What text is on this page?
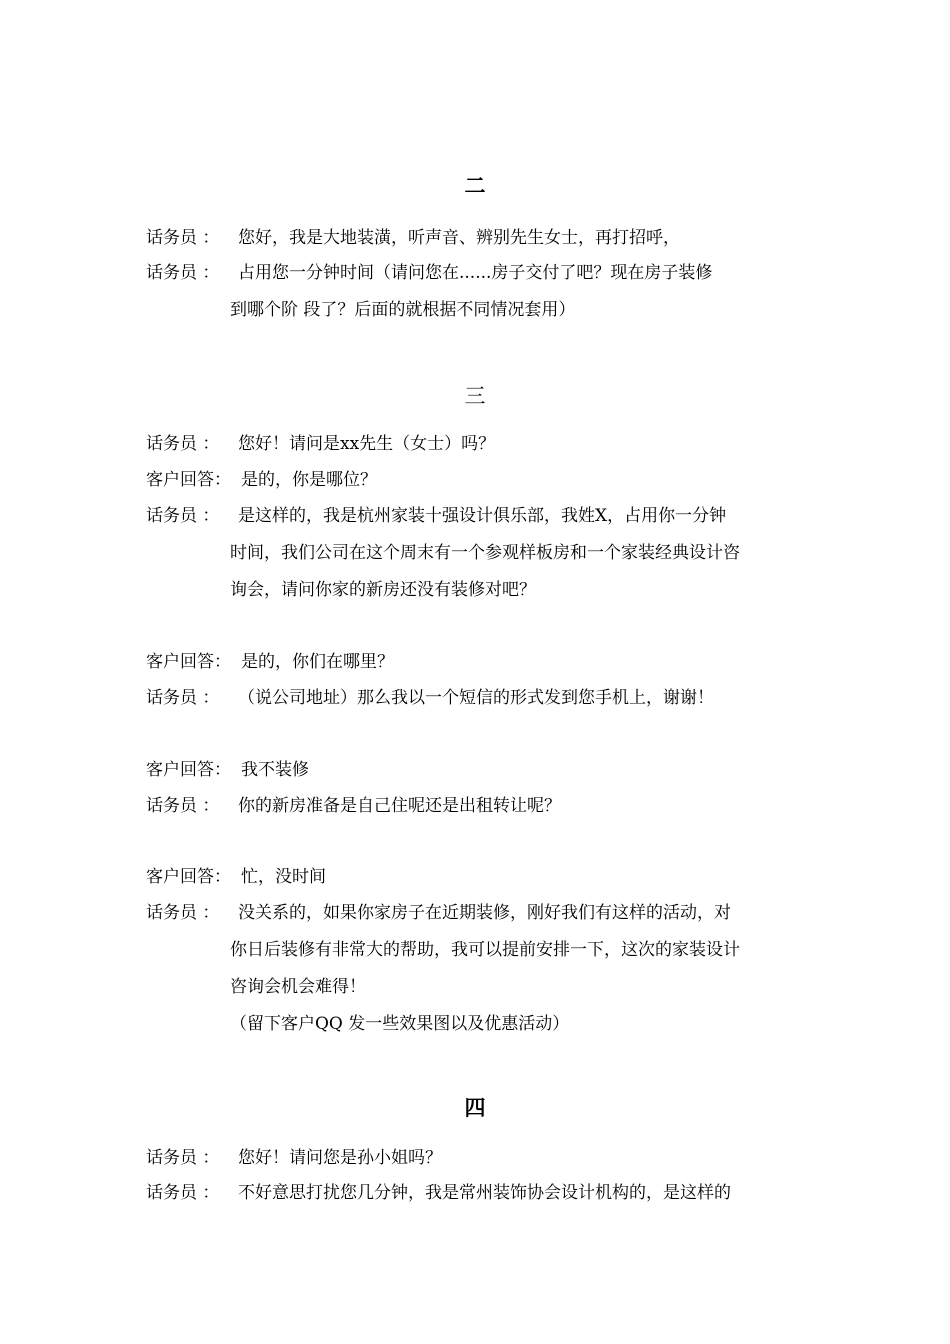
二
话务员 ： 您好，我是大地装潢，听声音、辨别先生女士，再打招呼，
话务员 ： 占用您一分钟时间（请问您在......房子交付了吧？现在房子装修
到哪个阶 段了？后面的就根据不同情况套用）
三
话务员 ： 您好！请问是xx先生（女士）吗？
客户回答： 是的，你是哪位？
话务员 ： 是这样的，我是杭州家装十强设计俱乐部，我姓X，占用你一分钟
时间，我们公司在这个周末有一个参观样板房和一个家装经典设计咨
询会，请问你家的新房还没有装修对吧？
客户回答： 是的，你们在哪里？
话务员 ： （说公司地址）那么我以一个短信的形式发到您手机上，谢谢！
客户回答： 我不装修
话务员 ： 你的新房准备是自己住呢还是出租转让呢？
客户回答： 忙，没时间
话务员 ： 没关系的，如果你家房子在近期装修，刚好我们有这样的活动，对
你日后装修有非常大的帮助，我可以提前安排一下，这次的家装设计
咨询会机会难得！
（留下客户QQ 发一些效果图以及优惠活动）
四
话务员 ： 您好！请问您是孙小姐吗？
话务员 ： 不好意思打扰您几分钟，我是常州装饰协会设计机构的，是这样的
